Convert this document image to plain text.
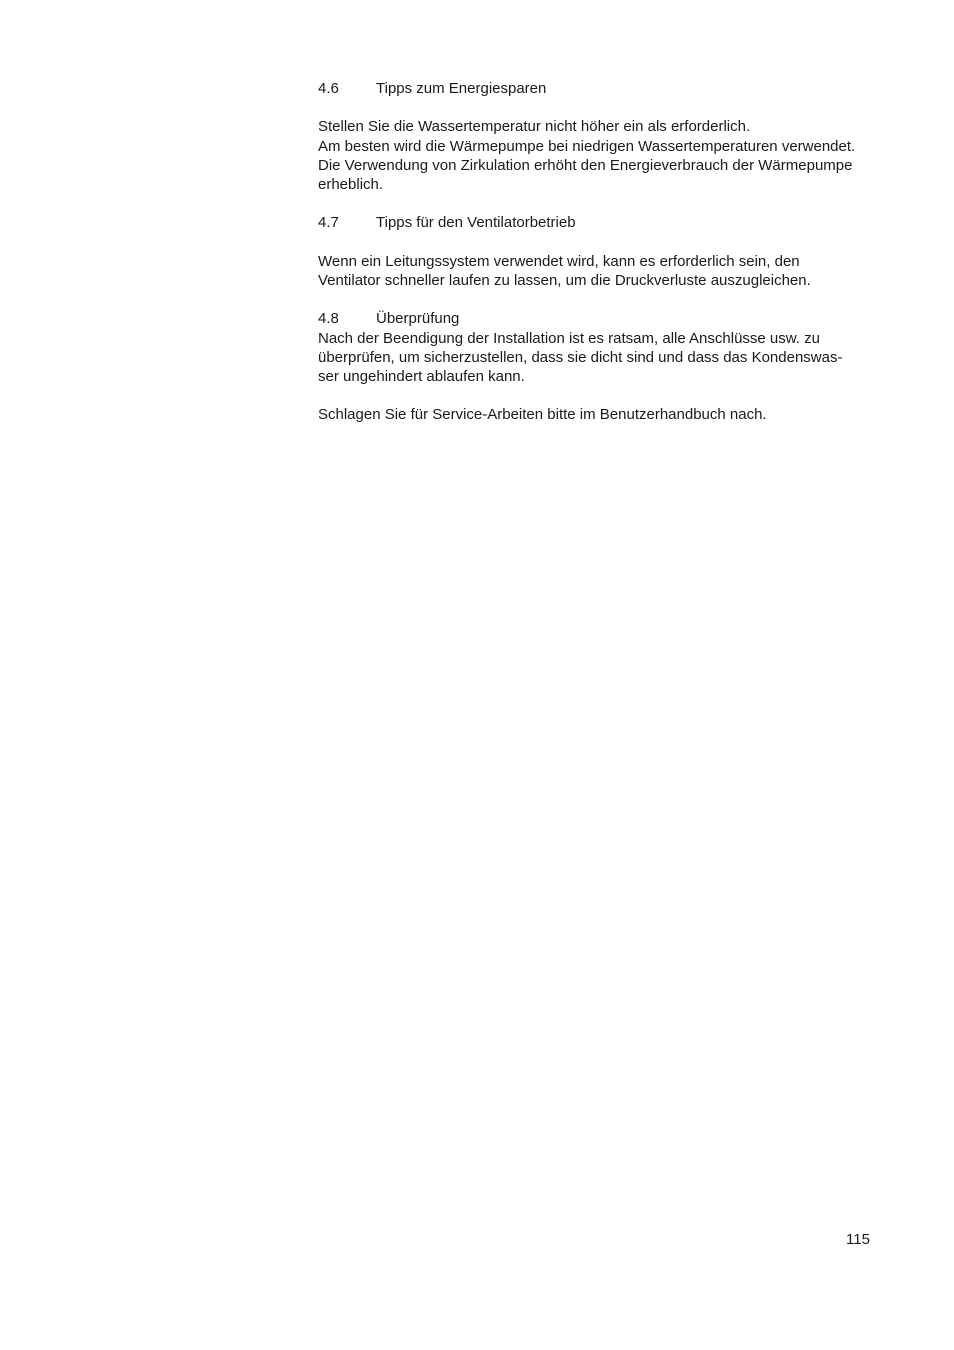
4.6	Tipps zum Energiesparen
Stellen Sie die Wassertemperatur nicht höher ein als erforderlich.
Am besten wird die Wärmepumpe bei niedrigen Wassertemperaturen verwendet.
Die Verwendung von Zirkulation erhöht den Energieverbrauch der Wärmepumpe
erheblich.
4.7	Tipps für den Ventilatorbetrieb
Wenn ein Leitungssystem verwendet wird, kann es erforderlich sein, den
Ventilator schneller laufen zu lassen, um die Druckverluste auszugleichen.
4.8	Überprüfung
Nach der Beendigung der Installation ist es ratsam, alle Anschlüsse usw. zu
überprüfen, um sicherzustellen, dass sie dicht sind und dass das Kondenswas-
ser ungehindert ablaufen kann.
Schlagen Sie für Service-Arbeiten bitte im Benutzerhandbuch nach.
115
